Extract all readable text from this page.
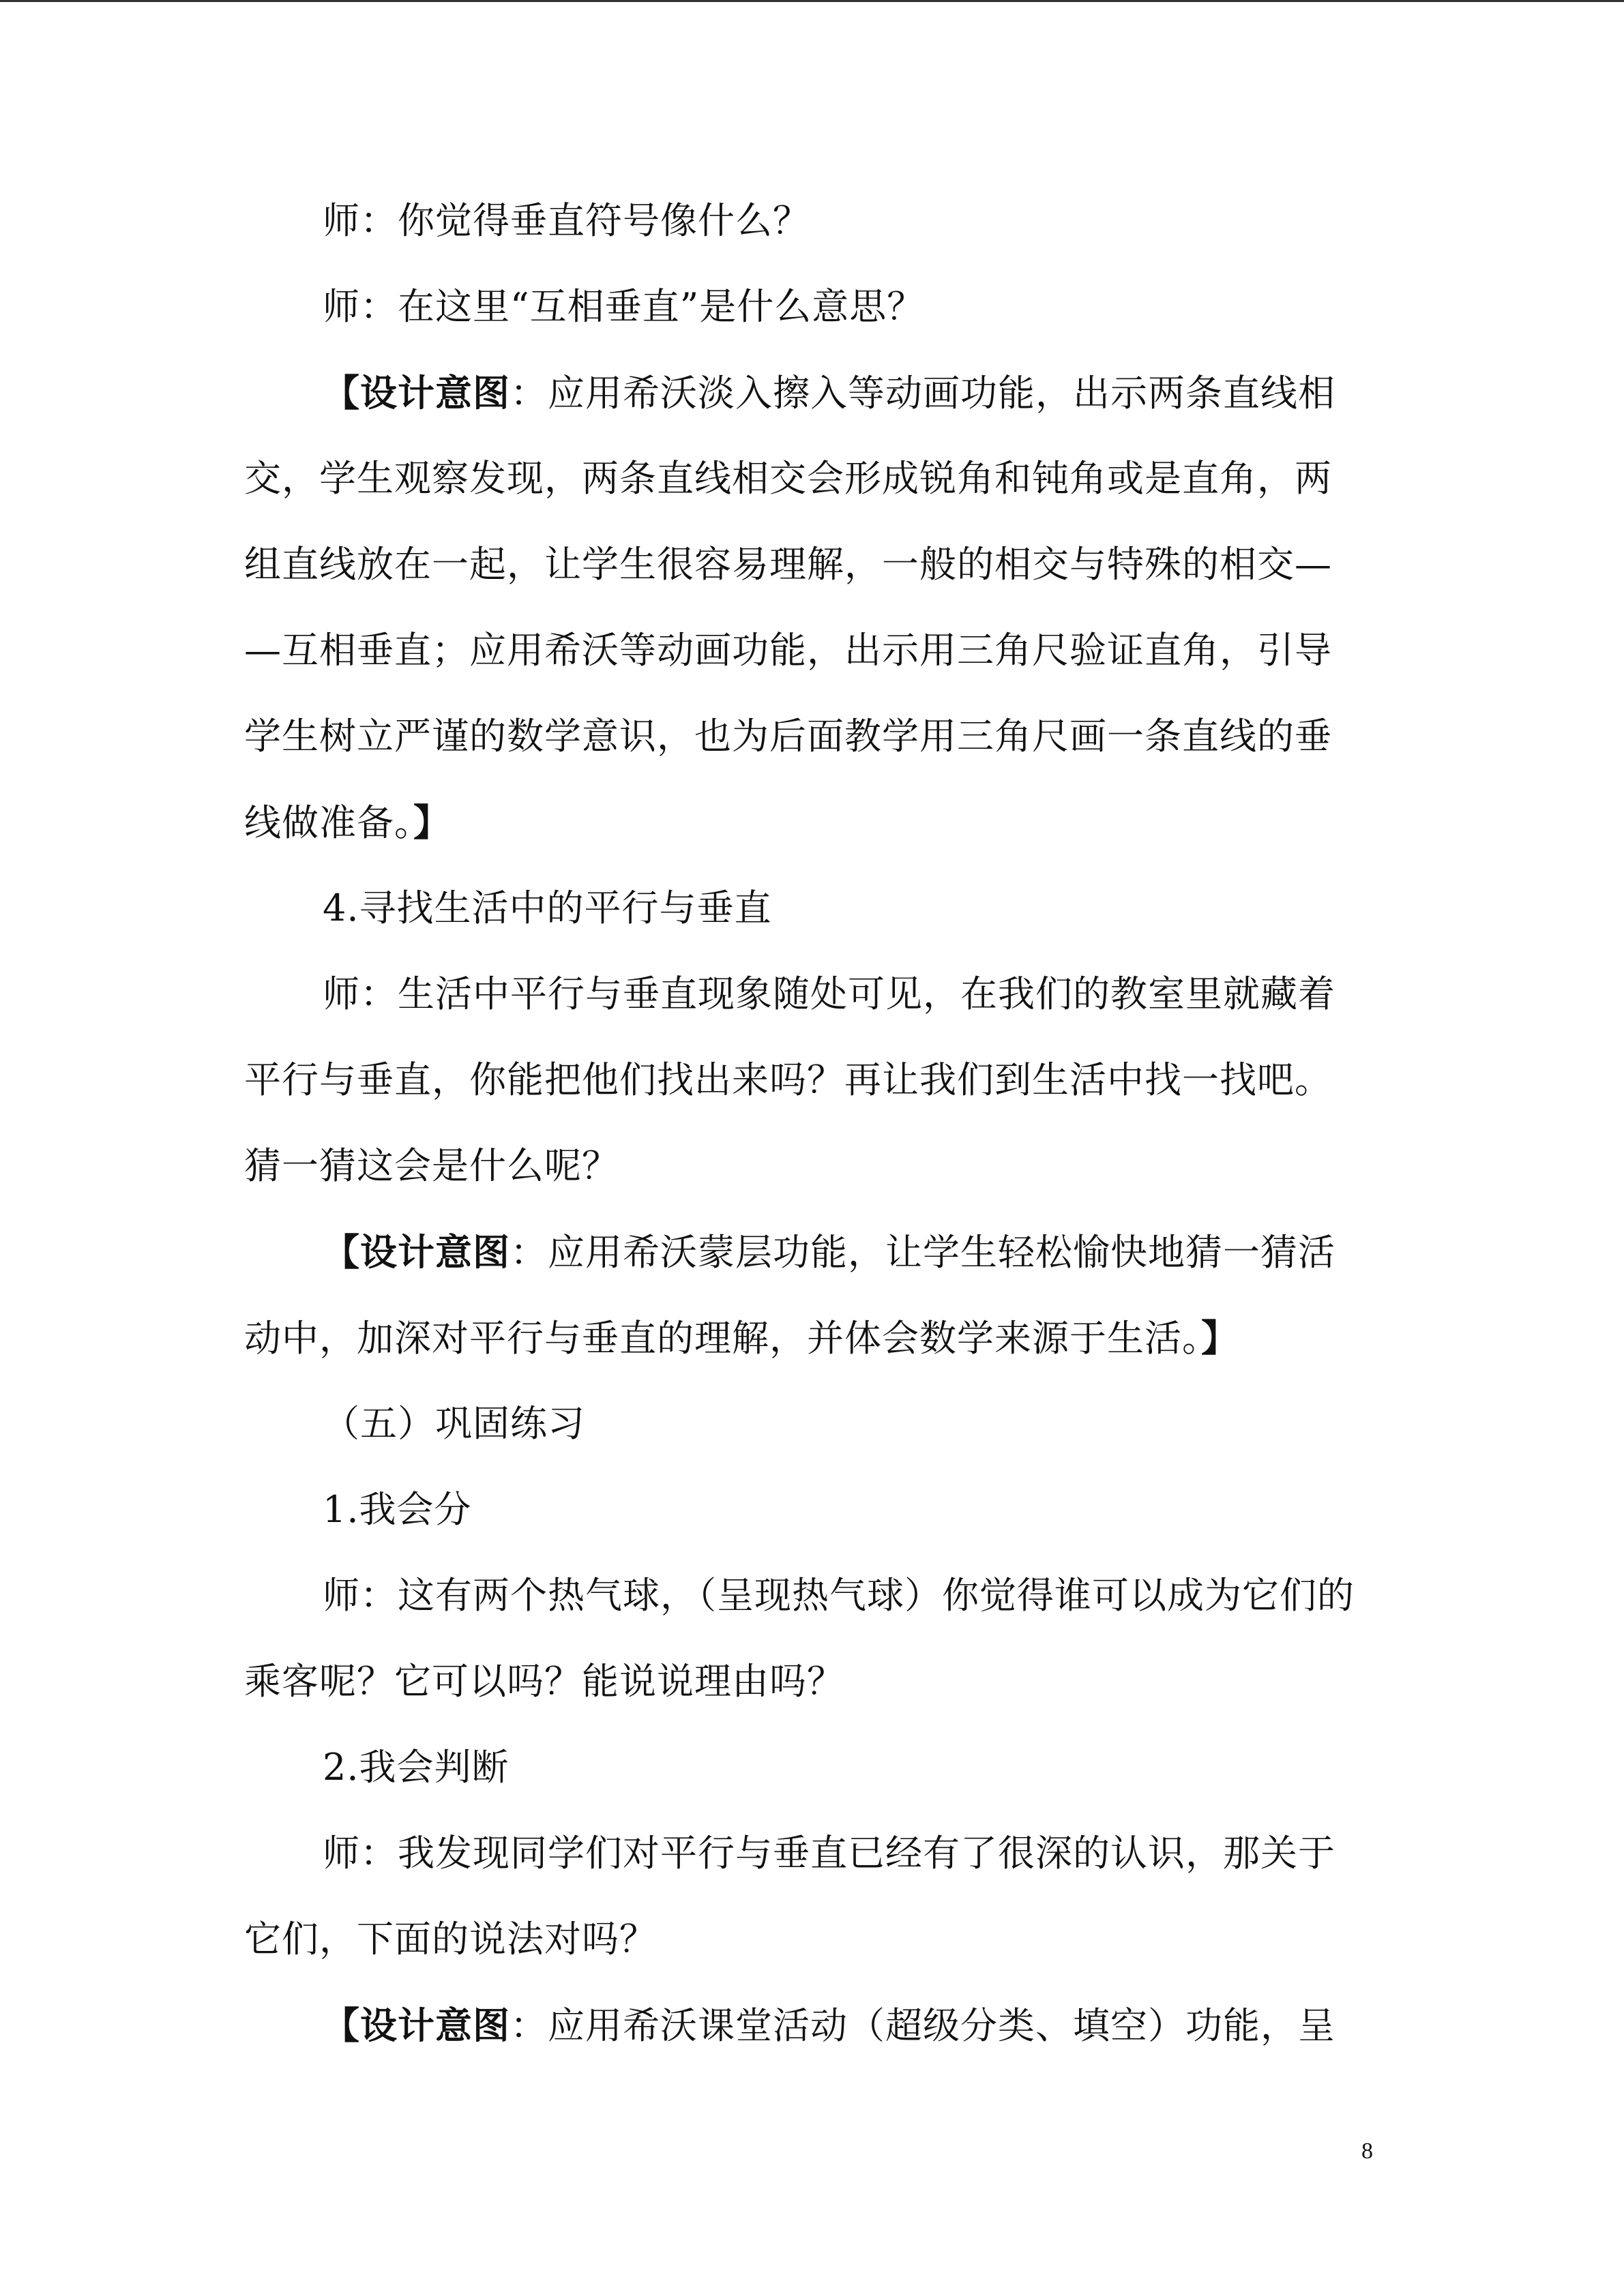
师：你觉得垂直符号像什么？
师：在这里“互相垂直”是什么意思？
【设计意图：应用希沃淡入擦入等动画功能，出示两条直线相
交，学生观察发现，两条直线相交会形成锐角和钝角或是直角，两
组直线放在一起，让学生很容易理解，一般的相交与特殊的相交—
—互相垂直；应用希沃等动画功能，出示用三角尺验证直角，引导
学生树立严谨的数学意识，也为后面教学用三角尺画一条直线的垂
线做准备。】
4.寻找生活中的平行与垂直
师：生活中平行与垂直现象随处可见，在我们的教室里就藏着
平行与垂直，你能把他们找出来吗？再让我们到生活中找一找吧。
猜一猜这会是什么呢？
【设计意图：应用希沃蒙层功能，让学生轻松愉快地猜一猜活
动中，加深对平行与垂直的理解，并体会数学来源于生活。】
（五）巩固练习
1.我会分
师：这有两个热气球，（呈现热气球）你觉得谁可以成为它们的
乘客呢？它可以吗？能说说理由吗？
2.我会判断
师：我发现同学们对平行与垂直已经有了很深的认识，那关于
它们，下面的说法对吗？
【设计意图：应用希沃课堂活动（超级分类、填空）功能，呈
8
